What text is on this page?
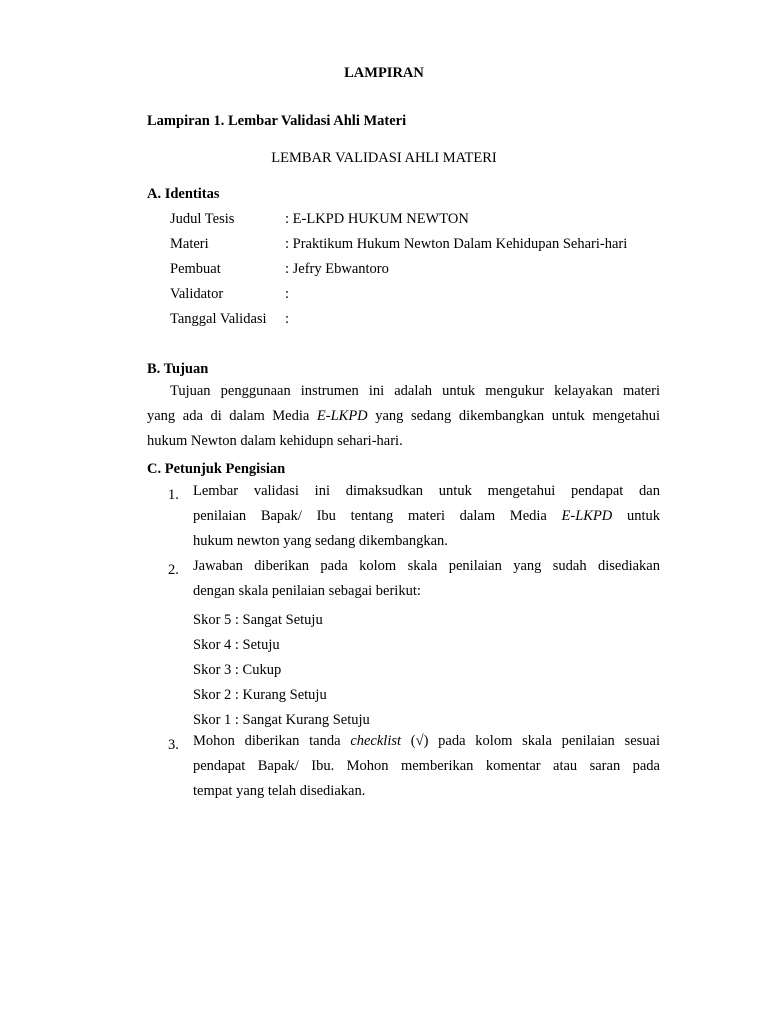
LAMPIRAN
Lampiran 1. Lembar Validasi Ahli Materi
LEMBAR VALIDASI AHLI MATERI
A. Identitas
Judul Tesis	: E-LKPD HUKUM NEWTON
Materi	: Praktikum Hukum Newton Dalam Kehidupan Sehari-hari
Pembuat	: Jefry Ebwantoro
Validator	:
Tanggal Validasi :
B. Tujuan
Tujuan penggunaan instrumen ini adalah untuk mengukur kelayakan materi
yang ada di dalam Media E-LKPD yang sedang dikembangkan untuk mengetahui
hukum Newton dalam kehidupn sehari-hari.
C. Petunjuk Pengisian
1. Lembar validasi ini dimaksudkan untuk mengetahui pendapat dan
penilaian Bapak/ Ibu tentang materi dalam Media E-LKPD untuk
hukum newton yang sedang dikembangkan.
2. Jawaban diberikan pada kolom skala penilaian yang sudah disediakan
dengan skala penilaian sebagai berikut:
Skor 5 : Sangat Setuju
Skor 4 : Setuju
Skor 3 : Cukup
Skor 2 : Kurang Setuju
Skor 1 : Sangat Kurang Setuju
3. Mohon diberikan tanda checklist (√) pada kolom skala penilaian sesuai
pendapat Bapak/ Ibu. Mohon memberikan komentar atau saran pada
tempat yang telah disediakan.
